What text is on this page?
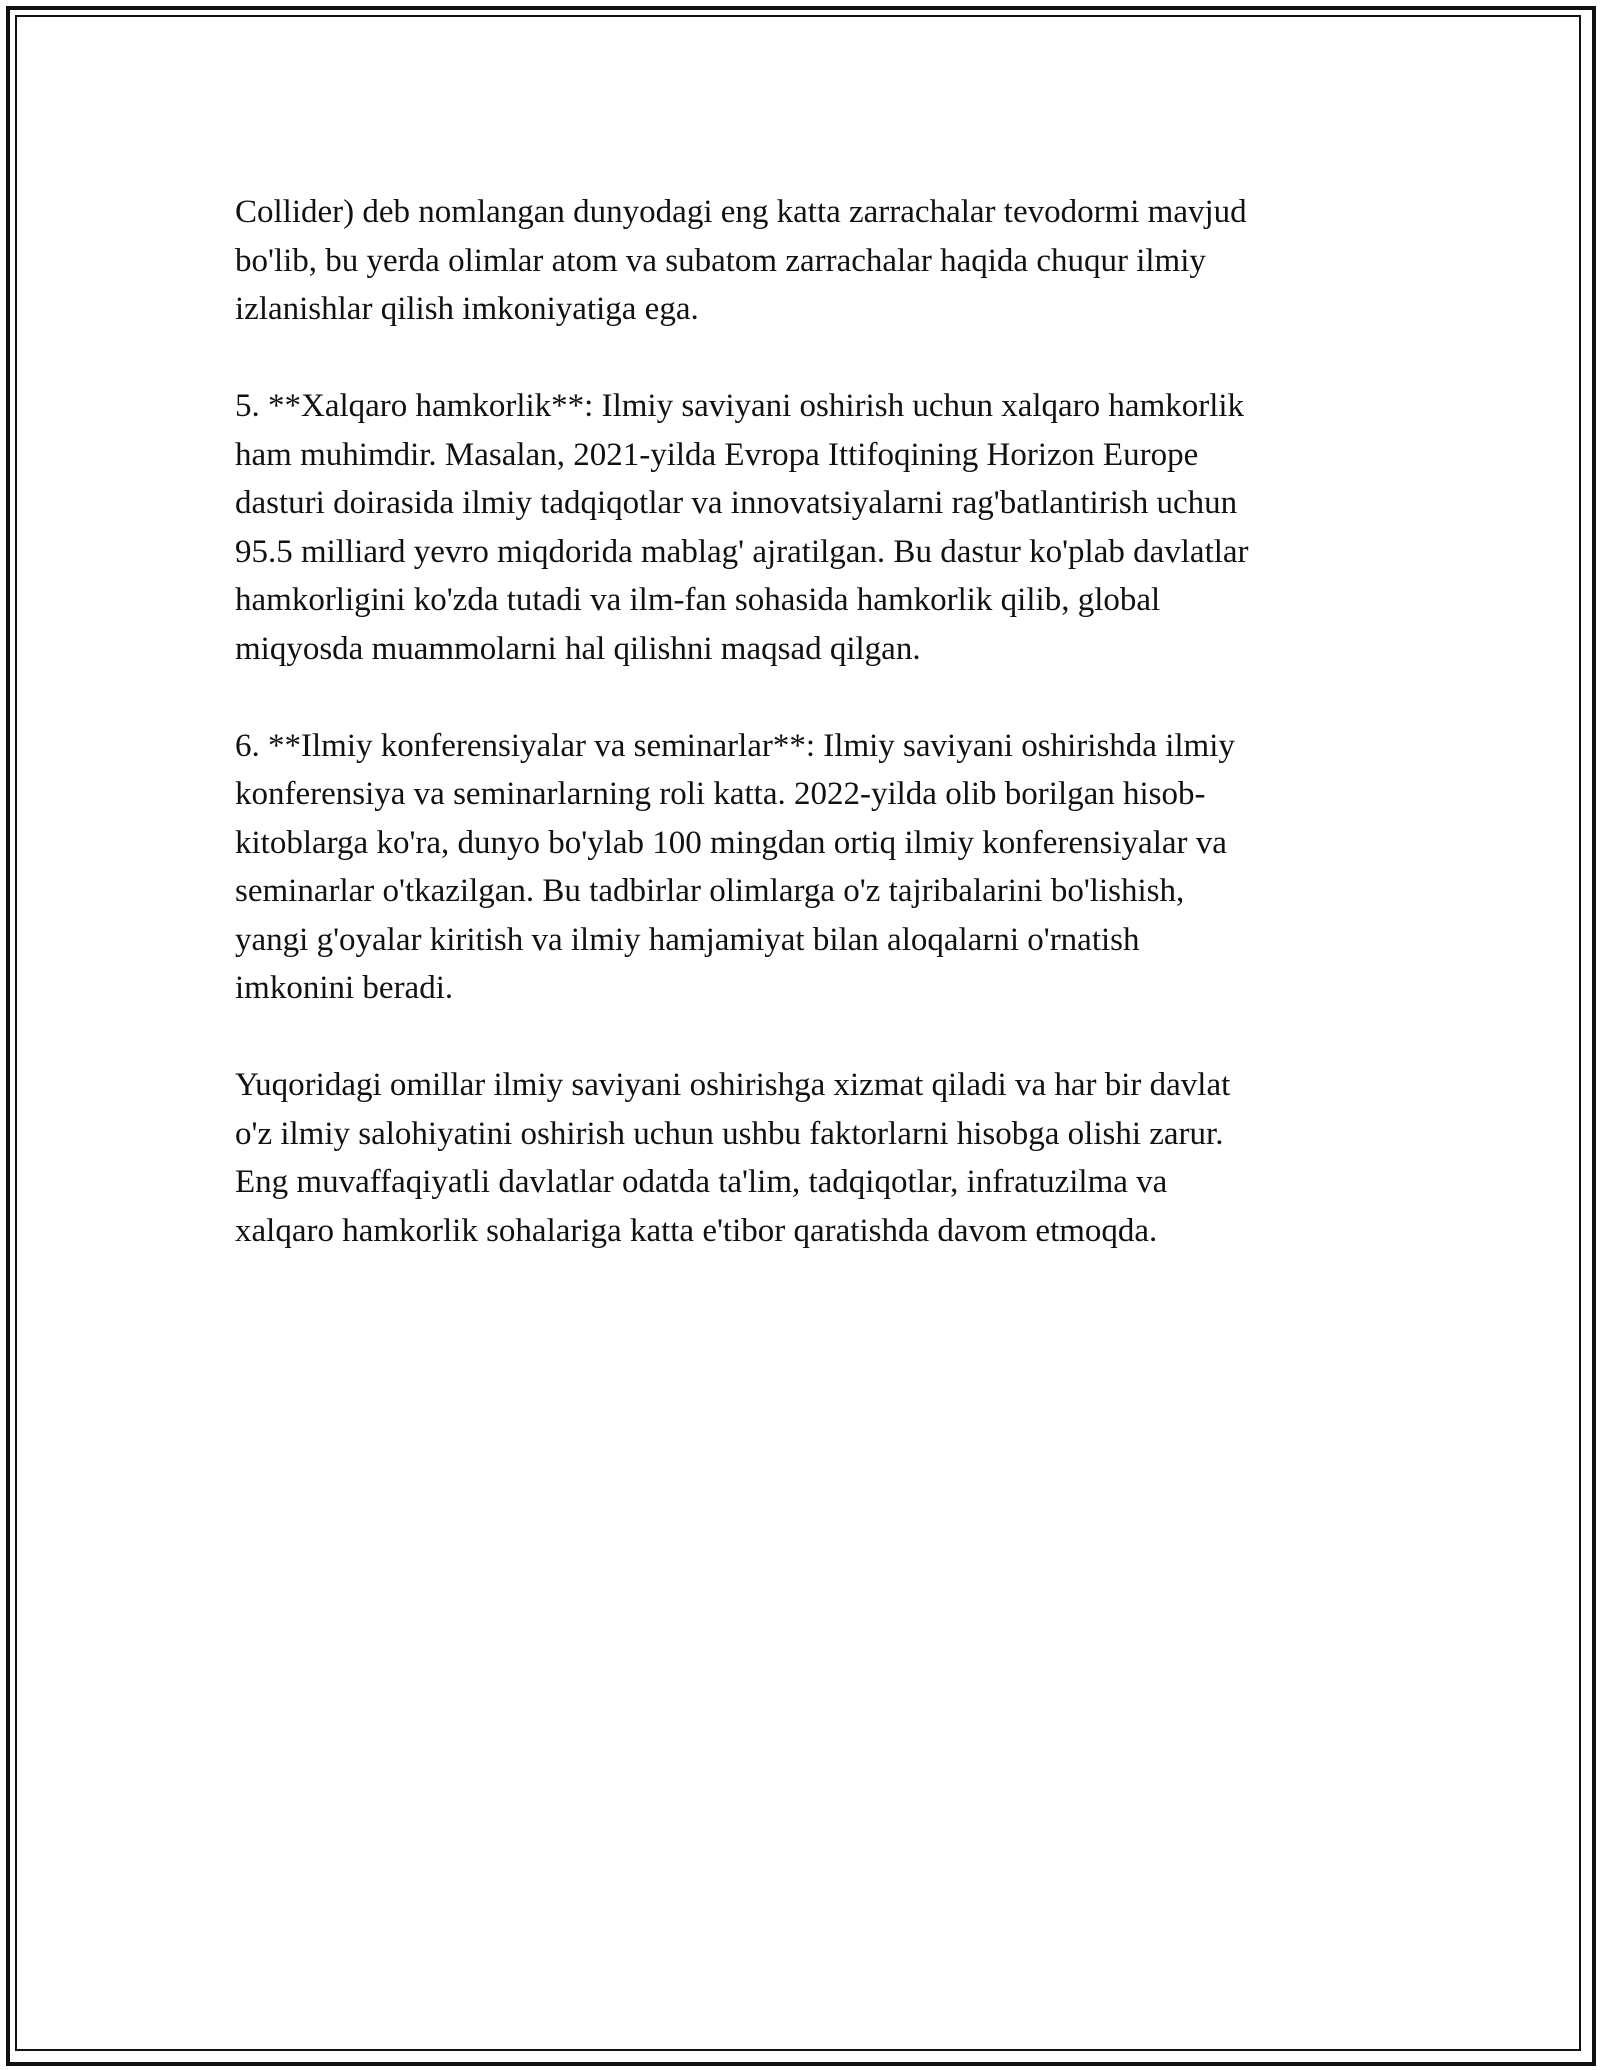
Collider) deb nomlangan dunyodagi eng katta zarrachalar tevodormi mavjud
bo'lib, bu yerda olimlar atom va subatom zarrachalar haqida chuqur ilmiy
izlanishlar qilish imkoniyatiga ega.

5. **Xalqaro hamkorlik**: Ilmiy saviyani oshirish uchun xalqaro hamkorlik
ham muhimdir. Masalan, 2021-yilda Evropa Ittifoqining Horizon Europe
dasturi doirasida ilmiy tadqiqotlar va innovatsiyalarni rag'batlantirish uchun
95.5 milliard yevro miqdorida mablag' ajratilgan. Bu dastur ko'plab davlatlar
hamkorligini ko'zda tutadi va ilm-fan sohasida hamkorlik qilib, global
miqyosda muammolarni hal qilishni maqsad qilgan.

6. **Ilmiy konferensiyalar va seminarlar**: Ilmiy saviyani oshirishda ilmiy
konferensiya va seminarlarning roli katta. 2022-yilda olib borilgan hisob-
kitoblarga ko'ra, dunyo bo'ylab 100 mingdan ortiq ilmiy konferensiyalar va
seminarlar o'tkazilgan. Bu tadbirlar olimlarga o'z tajribalarini bo'lishish,
yangi g'oyalar kiritish va ilmiy hamjamiyat bilan aloqalarni o'rnatish
imkonini beradi.

Yuqoridagi omillar ilmiy saviyani oshirishga xizmat qiladi va har bir davlat
o'z ilmiy salohiyatini oshirish uchun ushbu faktorlarni hisobga olishi zarur.
Eng muvaffaqiyatli davlatlar odatda ta'lim, tadqiqotlar, infratuzilma va
xalqaro hamkorlik sohalariga katta e'tibor qaratishda davom etmoqda.
